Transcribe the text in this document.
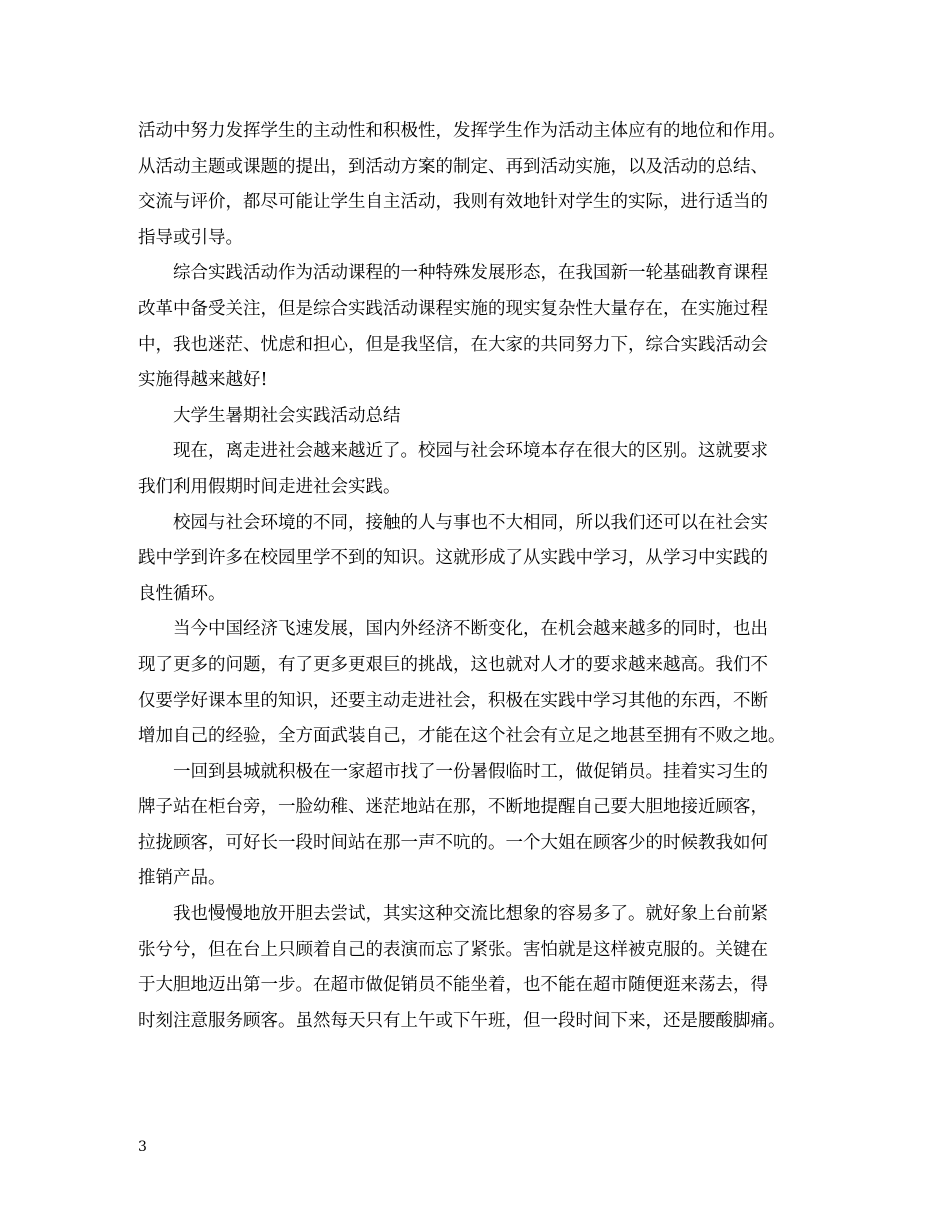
活动中努力发挥学生的主动性和积极性，发挥学生作为活动主体应有的地位和作用。
从活动主题或课题的提出，到活动方案的制定、再到活动实施，以及活动的总结、
交流与评价，都尽可能让学生自主活动，我则有效地针对学生的实际，进行适当的
指导或引导。
综合实践活动作为活动课程的一种特殊发展形态，在我国新一轮基础教育课程
改革中备受关注，但是综合实践活动课程实施的现实复杂性大量存在，在实施过程
中，我也迷茫、忧虑和担心，但是我坚信，在大家的共同努力下，综合实践活动会
实施得越来越好!
大学生暑期社会实践活动总结
现在，离走进社会越来越近了。校园与社会环境本存在很大的区别。这就要求
我们利用假期时间走进社会实践。
校园与社会环境的不同，接触的人与事也不大相同，所以我们还可以在社会实
践中学到许多在校园里学不到的知识。这就形成了从实践中学习，从学习中实践的
良性循环。
当今中国经济飞速发展，国内外经济不断变化，在机会越来越多的同时，也出
现了更多的问题，有了更多更艰巨的挑战，这也就对人才的要求越来越高。我们不
仅要学好课本里的知识，还要主动走进社会，积极在实践中学习其他的东西，不断
增加自己的经验，全方面武装自己，才能在这个社会有立足之地甚至拥有不败之地。
一回到县城就积极在一家超市找了一份暑假临时工，做促销员。挂着实习生的
牌子站在柜台旁，一脸幼稚、迷茫地站在那，不断地提醒自己要大胆地接近顾客，
拉拢顾客，可好长一段时间站在那一声不吭的。一个大姐在顾客少的时候教我如何
推销产品。
我也慢慢地放开胆去尝试，其实这种交流比想象的容易多了。就好象上台前紧
张兮兮，但在台上只顾着自己的表演而忘了紧张。害怕就是这样被克服的。关键在
于大胆地迈出第一步。在超市做促销员不能坐着，也不能在超市随便逛来荡去，得
时刻注意服务顾客。虽然每天只有上午或下午班，但一段时间下来，还是腰酸脚痛。
3
